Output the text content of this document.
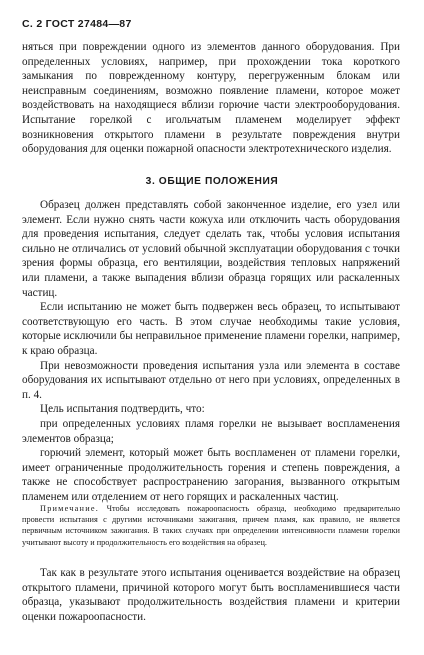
С. 2 ГОСТ 27484—87

няться при повреждении одного из элементов данного оборудования. При определенных условиях, например, при прохождении тока короткого замыкания по поврежденному контуру, перегруженным блокам или неисправным соединениям, возможно появление пламени, которое может воздействовать на находящиеся вблизи горючие части электрооборудования. Испытание горелкой с игольчатым пламенем моделирует эффект возникновения открытого пламени в результате повреждения внутри оборудования для оценки пожарной опасности электротехнического изделия.

3. ОБЩИЕ ПОЛОЖЕНИЯ

Образец должен представлять собой законченное изделие, его узел или элемент. Если нужно снять части кожуха или отключить часть оборудования для проведения испытания, следует сделать так, чтобы условия испытания сильно не отличались от условий обычной эксплуатации оборудования с точки зрения формы образца, его вентиляции, воздействия тепловых напряжений или пламени, а также выпадения вблизи образца горящих или раскаленных частиц.

Если испытанию не может быть подвержен весь образец, то испытывают соответствующую его часть. В этом случае необходимы такие условия, которые исключили бы неправильное применение пламени горелки, например, к краю образца.

При невозможности проведения испытания узла или элемента в составе оборудования их испытывают отдельно от него при условиях, определенных в п. 4.

Цель испытания подтвердить, что:

при определенных условиях пламя горелки не вызывает воспламенения элементов образца;

горючий элемент, который может быть воспламенен от пламени горелки, имеет ограниченные продолжительность горения и степень повреждения, а также не способствует распространению загорания, вызванного открытым пламенем или отделением от него горящих и раскаленных частиц.

Примечание. Чтобы исследовать пожароопасность образца, необходимо предварительно провести испытания с другими источниками зажигания, причем пламя, как правило, не является первичным источником зажигания. В таких случаях при определении интенсивности пламени горелки учитывают высоту и продолжительность его воздействия на образец.

Так как в результате этого испытания оценивается воздействие на образец открытого пламени, причиной которого могут быть воспламенившиеся части образца, указывают продолжительность воздействия пламени и критерии оценки пожароопасности.
